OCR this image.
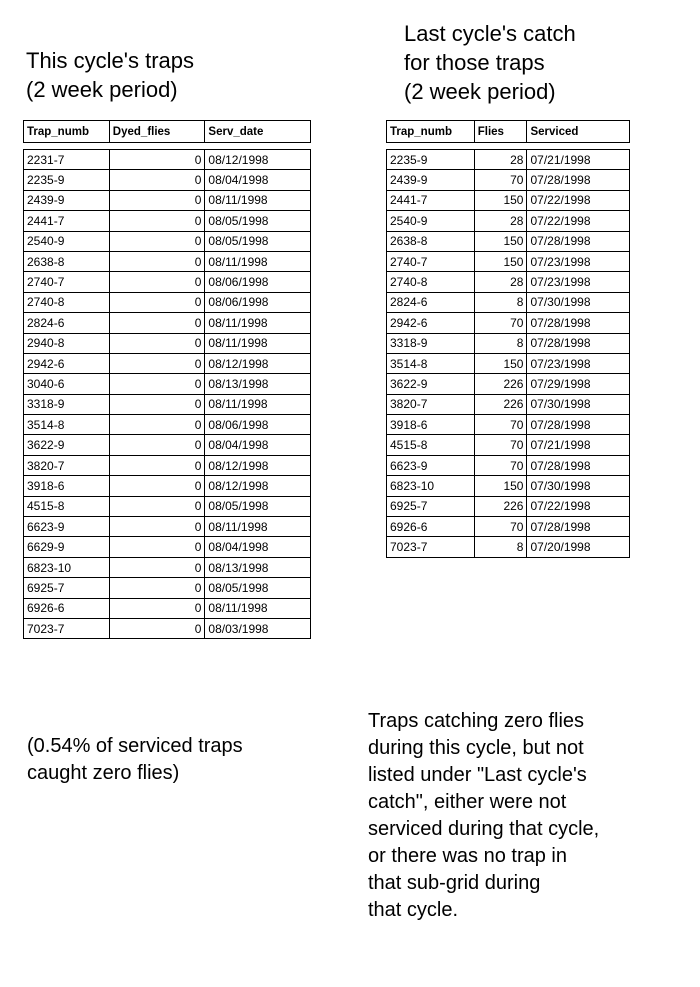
This cycle's traps
(2 week period)
Last cycle's catch
for those traps
(2 week period)
Trap_numb	Dyed_flies	Serv_date

2231-7	0	08/12/1998
2235-9	0	08/04/1998
2439-9	0	08/11/1998
2441-7	0	08/05/1998
2540-9	0	08/05/1998
2638-8	0	08/11/1998
2740-7	0	08/06/1998
2740-8	0	08/06/1998
2824-6	0	08/11/1998
2940-8	0	08/11/1998
2942-6	0	08/12/1998
3040-6	0	08/13/1998
3318-9	0	08/11/1998
3514-8	0	08/06/1998
3622-9	0	08/04/1998
3820-7	0	08/12/1998
3918-6	0	08/12/1998
4515-8	0	08/05/1998
6623-9	0	08/11/1998
6629-9	0	08/04/1998
6823-10	0	08/13/1998
6925-7	0	08/05/1998
6926-6	0	08/11/1998
7023-7	0	08/03/1998
Trap_numb	Flies	Serviced

2235-9	28	07/21/1998
2439-9	70	07/28/1998
2441-7	150	07/22/1998
2540-9	28	07/22/1998
2638-8	150	07/28/1998
2740-7	150	07/23/1998
2740-8	28	07/23/1998
2824-6	8	07/30/1998
2942-6	70	07/28/1998
3318-9	8	07/28/1998
3514-8	150	07/23/1998
3622-9	226	07/29/1998
3820-7	226	07/30/1998
3918-6	70	07/28/1998
4515-8	70	07/21/1998
6623-9	70	07/28/1998
6823-10	150	07/30/1998
6925-7	226	07/22/1998
6926-6	70	07/28/1998
7023-7	8	07/20/1998
(0.54% of serviced traps
caught zero flies)
Traps catching zero flies
during this cycle, but not
listed under "Last cycle's
catch", either were not
serviced during that cycle,
or there was no trap in
that sub-grid during
that cycle.
